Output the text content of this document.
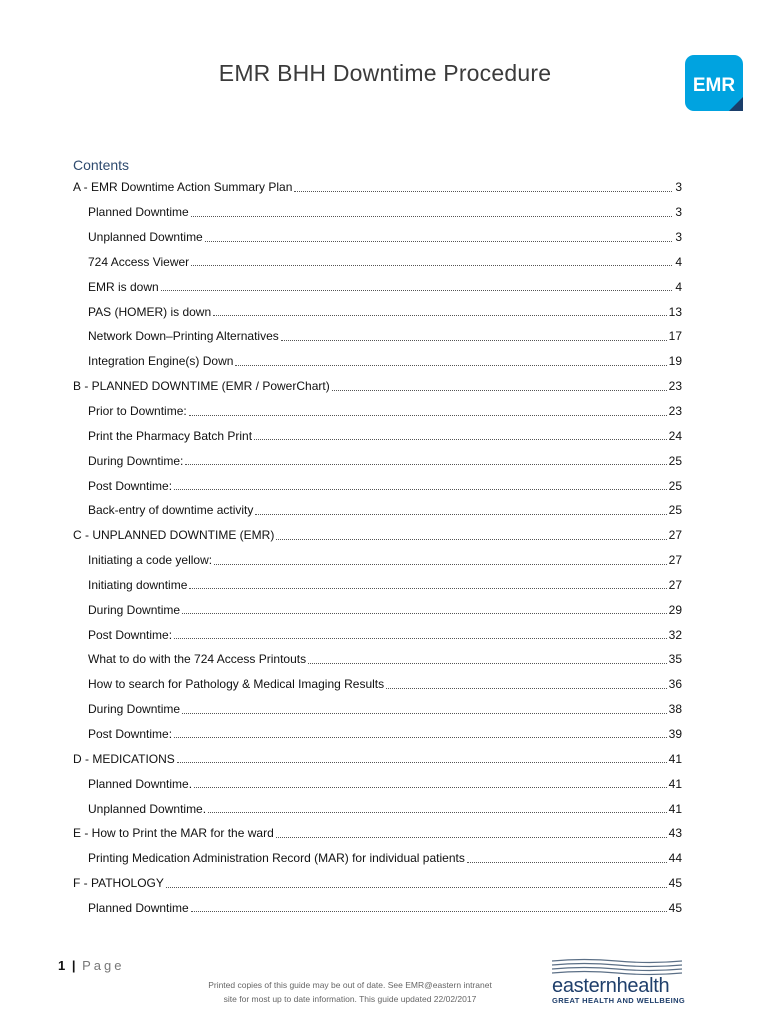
EMR BHH Downtime Procedure	EMR
Contents
A - EMR Downtime Action Summary Plan	3
Planned Downtime	3
Unplanned Downtime	3
724 Access Viewer	4
EMR is down	4
PAS (HOMER) is down	13
Network Down–Printing Alternatives	17
Integration Engine(s) Down	19
B - PLANNED DOWNTIME (EMR / PowerChart)	23
Prior to Downtime:	23
Print the Pharmacy Batch Print	24
During Downtime:	25
Post Downtime:	25
Back-entry of downtime activity	25
C - UNPLANNED DOWNTIME (EMR)	27
Initiating a code yellow:	27
Initiating downtime	27
During Downtime	29
Post Downtime:	32
What to do with the 724 Access Printouts	35
How to search for Pathology & Medical Imaging Results	36
During Downtime	38
Post Downtime:	39
D - MEDICATIONS	41
Planned Downtime.	41
Unplanned Downtime.	41
E - How to Print the MAR for the ward	43
Printing Medication Administration Record (MAR) for individual patients	44
F - PATHOLOGY	45
Planned Downtime	45
1 | Page
Printed copies of this guide may be out of date. See EMR@eastern intranet
site for most up to date information. This guide updated 22/02/2017
easternhealth
GREAT HEALTH AND WELLBEING
